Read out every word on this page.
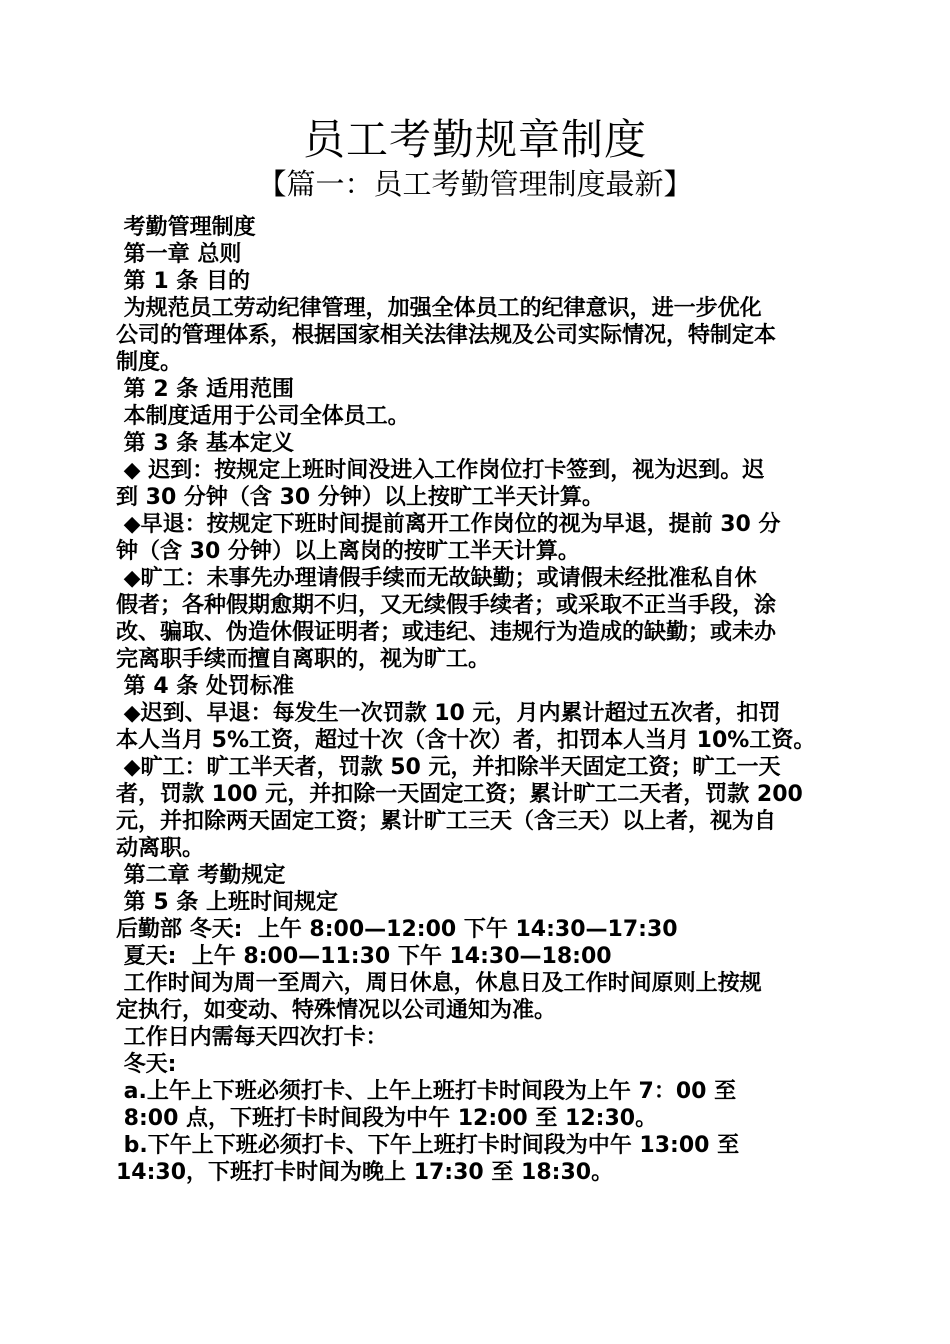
员工考勤规章制度
【篇一：员工考勤管理制度最新】
考勤管理制度
第一章 总则
第 1 条 目的
为规范员工劳动纪律管理，加强全体员工的纪律意识，进一步优化
公司的管理体系，根据国家相关法律法规及公司实际情况，特制定本
制度。
第 2 条 适用范围
本制度适用于公司全体员工。
第 3 条 基本定义
◆ 迟到：按规定上班时间没进入工作岗位打卡签到，视为迟到。迟
到 30 分钟（含 30 分钟）以上按旷工半天计算。
◆早退：按规定下班时间提前离开工作岗位的视为早退，提前 30 分
钟（含 30 分钟）以上离岗的按旷工半天计算。
◆旷工：未事先办理请假手续而无故缺勤；或请假未经批准私自休
假者；各种假期愈期不归，又无续假手续者；或采取不正当手段，涂
改、骗取、伪造休假证明者；或违纪、违规行为造成的缺勤；或未办
完离职手续而擅自离职的，视为旷工。
第 4 条 处罚标准
◆迟到、早退：每发生一次罚款 10 元，月内累计超过五次者，扣罚
本人当月 5%工资，超过十次（含十次）者，扣罚本人当月 10%工资。
◆旷工：旷工半天者，罚款 50 元，并扣除半天固定工资；旷工一天
者，罚款 100 元，并扣除一天固定工资；累计旷工二天者，罚款 200
元，并扣除两天固定工资；累计旷工三天（含三天）以上者，视为自
动离职。
第二章 考勤规定
第 5 条 上班时间规定
后勤部 冬天:  上午 8:00—12:00 下午 14:30—17:30
夏天:  上午 8:00—11:30 下午 14:30—18:00
工作时间为周一至周六，周日休息，休息日及工作时间原则上按规
定执行，如变动、特殊情况以公司通知为准。
工作日内需每天四次打卡：
冬天:
a.上午上下班必须打卡、上午上班打卡时间段为上午 7：00 至
8:00 点，下班打卡时间段为中午 12:00 至 12:30。
b.下午上下班必须打卡、下午上班打卡时间段为中午 13:00 至
14:30，下班打卡时间为晚上 17:30 至 18:30。
